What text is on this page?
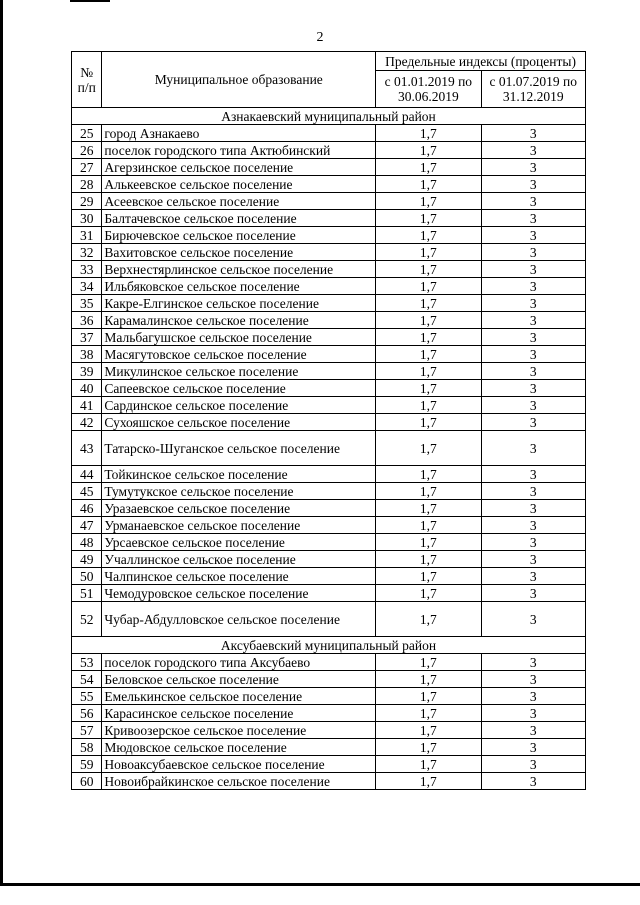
2
№ п/п	Муниципальное образование	Предельные индексы (проценты)	
		с 01.01.2019 по 30.06.2019	с 01.07.2019 по 31.12.2019
Азнакаевский муниципальный район			
25	город Азнакаево	1,7	3
26	поселок городского типа Актюбинский	1,7	3
27	Агерзинское сельское поселение	1,7	3
28	Алькеевское сельское поселение	1,7	3
29	Асеевское сельское поселение	1,7	3
30	Балтачевское сельское поселение	1,7	3
31	Бирючевское сельское поселение	1,7	3
32	Вахитовское сельское поселение	1,7	3
33	Верхнестярлинское сельское поселение	1,7	3
34	Ильбяковское сельское поселение	1,7	3
35	Какре-Елгинское сельское поселение	1,7	3
36	Карамалинское сельское поселение	1,7	3
37	Мальбагушское сельское поселение	1,7	3
38	Масягутовское сельское поселение	1,7	3
39	Микулинское сельское поселение	1,7	3
40	Сапеевское сельское поселение	1,7	3
41	Сардинское сельское поселение	1,7	3
42	Сухояшское сельское поселение	1,7	3
43	Татарско-Шуганское сельское поселение	1,7	3
44	Тойкинское сельское поселение	1,7	3
45	Тумутукское сельское поселение	1,7	3
46	Уразаевское сельское поселение	1,7	3
47	Урманаевское сельское поселение	1,7	3
48	Урсаевское сельское поселение	1,7	3
49	Учаллинское сельское поселение	1,7	3
50	Чалпинское сельское поселение	1,7	3
51	Чемодуровское сельское поселение	1,7	3
52	Чубар-Абдулловское сельское поселение	1,7	3
Аксубаевский муниципальный район			
53	поселок городского типа Аксубаево	1,7	3
54	Беловское сельское поселение	1,7	3
55	Емелькинское сельское поселение	1,7	3
56	Карасинское сельское поселение	1,7	3
57	Кривоозерское сельское поселение	1,7	3
58	Мюдовское сельское поселение	1,7	3
59	Новоаксубаевское сельское поселение	1,7	3
60	Новоибрайкинское сельское поселение	1,7	3
